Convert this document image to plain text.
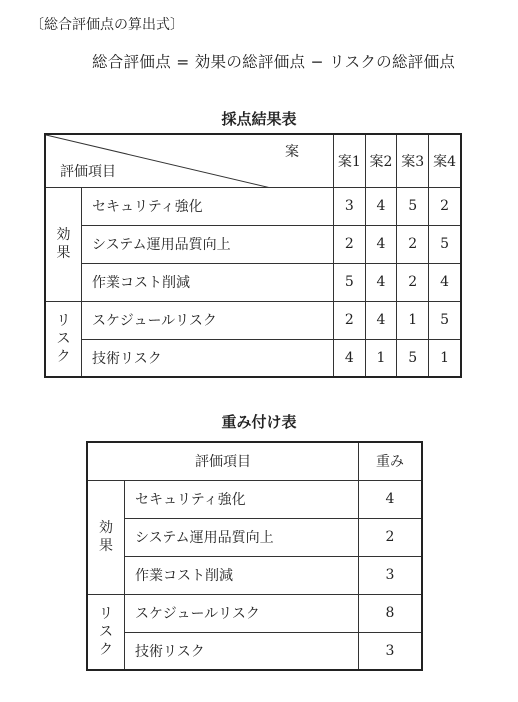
〔総合評価点の算出式〕
総合評価点 = 効果の総評価点 − リスクの総評価点
採点結果表
案
評価項目		案1	案2	案3	案4
効果	セキュリティ強化	3	4	5	2
	システム運用品質向上	2	4	2	5
	作業コスト削減	5	4	2	4
リスク	スケジュールリスク	2	4	1	5
	技術リスク	4	1	5	1
重み付け表
評価項目		重み
効果	セキュリティ強化	4
	システム運用品質向上	2
	作業コスト削減	3
リスク	スケジュールリスク	8
	技術リスク	3
